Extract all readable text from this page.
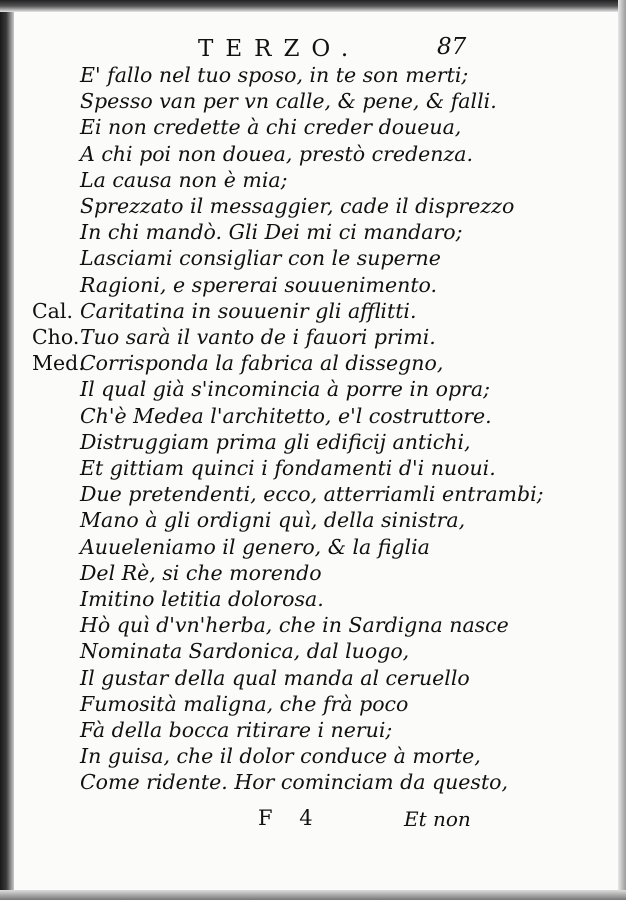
TERZO.	87
E' fallo nel tuo sposo, in te son merti;
Spesso van per vn calle, & pene, & falli.
Ei non credette à chi creder doueua,
A chi poi non douea, prestò credenza.
La causa non è mia;
Sprezzato il messaggier, cade il disprezzo
In chi mandò. Gli Dei mi ci mandaro;
Lasciami consigliar con le superne
Ragioni, e spererai souuenimento.
Cal. Caritatina in souuenir gli afflitti.
Cho. Tuo sarà il vanto de i fauori primi.
Med.
Corrisponda la fabrica al dissegno,
Il qual già s'incomincia à porre in opra;
Ch'è Medea l'architetto, e'l costruttore.
Distruggiam prima gli edificij antichi,
Et gittiam quinci i fondamenti d'i nuoui.
Due pretendenti, ecco, atterriamli entrambi;
Mano à gli ordigni quì, della sinistra,
Auueleniamo il genero, & la figlia
Del Rè, si che morendo
Imitino letitia dolorosa.
Hò quì d'vn'herba, che in Sardigna nasce
Nominata Sardonica, dal luogo,
Il gustar della qual manda al ceruello
Fumosità maligna, che frà poco
Fà della bocca ritirare i nerui;
In guisa, che il dolor conduce à morte,
Come ridente. Hor cominciam da questo,
F 4	Et non
